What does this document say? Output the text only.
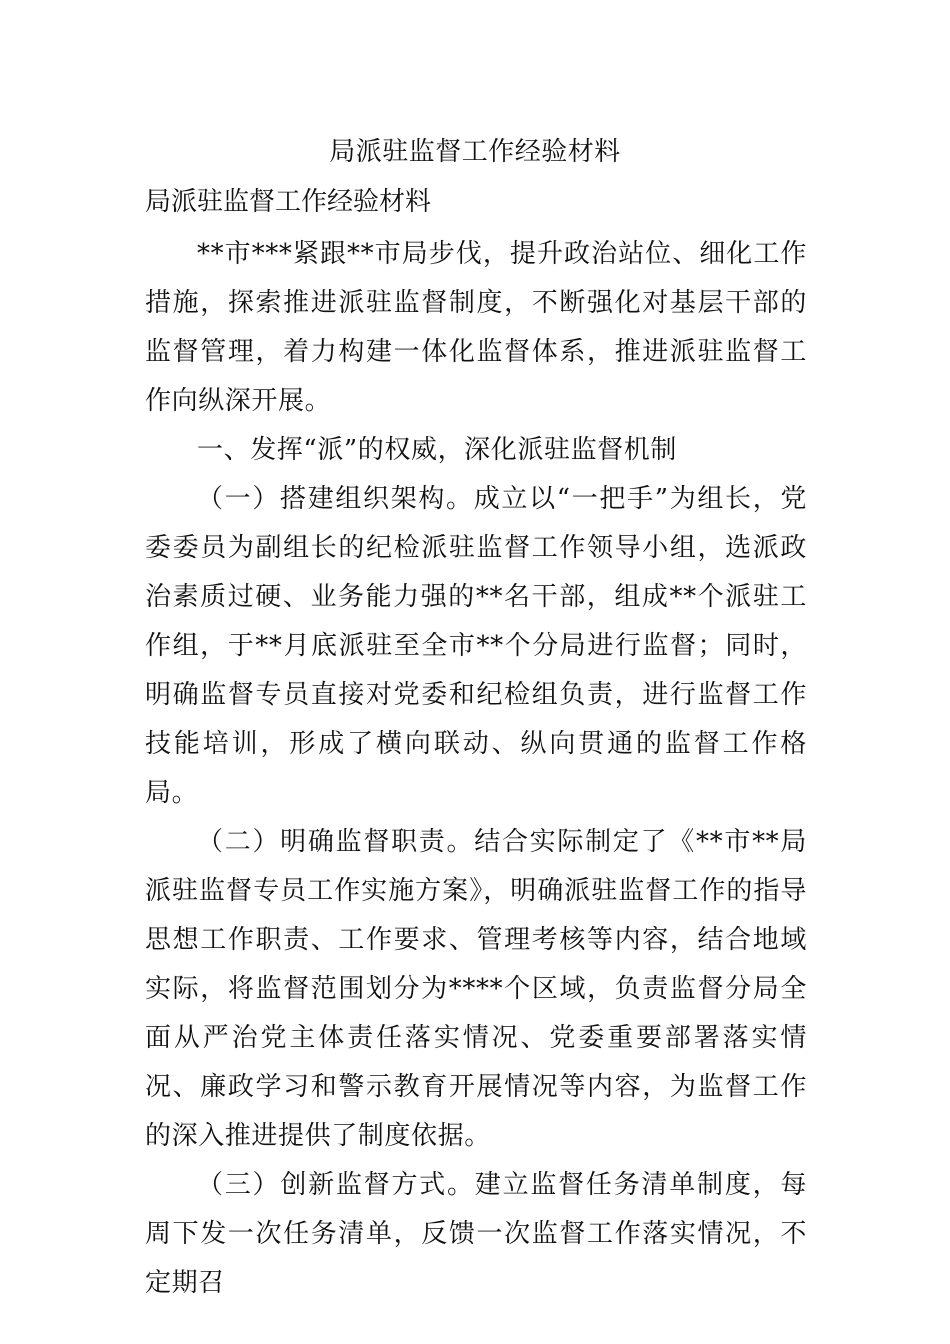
局派驻监督工作经验材料

局派驻监督工作经验材料

**市***紧跟**市局步伐，提升政治站位、细化工作措施，探索推进派驻监督制度，不断强化对基层干部的监督管理，着力构建一体化监督体系，推进派驻监督工作向纵深开展。

一、发挥“派”的权威，深化派驻监督机制

（一）搭建组织架构。成立以“一把手”为组长，党委委员为副组长的纪检派驻监督工作领导小组，选派政治素质过硬、业务能力强的**名干部，组成**个派驻工作组，于**月底派驻至全市**个分局进行监督；同时，明确监督专员直接对党委和纪检组负责，进行监督工作技能培训，形成了横向联动、纵向贯通的监督工作格局。

（二）明确监督职责。结合实际制定了《**市**局派驻监督专员工作实施方案》，明确派驻监督工作的指导思想工作职责、工作要求、管理考核等内容，结合地域实际，将监督范围划分为****个区域，负责监督分局全面从严治党主体责任落实情况、党委重要部署落实情况、廉政学习和警示教育开展情况等内容，为监督工作的深入推进提供了制度依据。

（三）创新监督方式。建立监督任务清单制度，每周下发一次任务清单，反馈一次监督工作落实情况，不定期召
